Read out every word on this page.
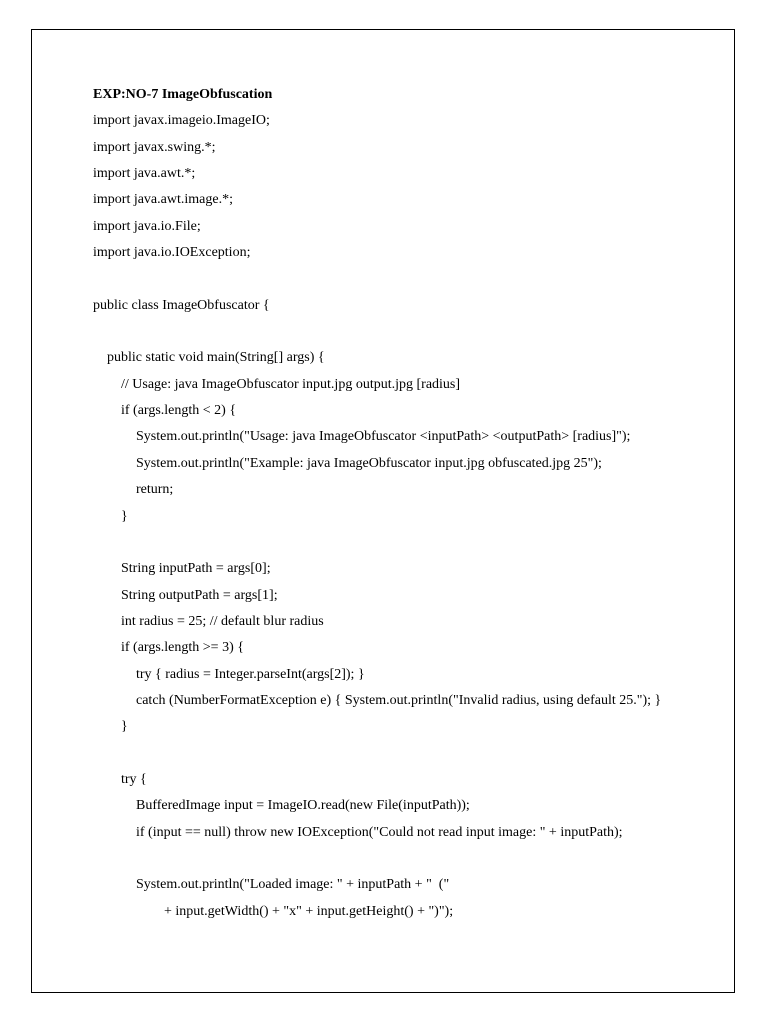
EXP:NO-7 ImageObfuscation
import javax.imageio.ImageIO;
import javax.swing.*;
import java.awt.*;
import java.awt.image.*;
import java.io.File;
import java.io.IOException;
public class ImageObfuscator {
public static void main(String[] args) {
// Usage: java ImageObfuscator input.jpg output.jpg [radius]
if (args.length < 2) {
System.out.println("Usage: java ImageObfuscator <inputPath> <outputPath> [radius]");
System.out.println("Example: java ImageObfuscator input.jpg obfuscated.jpg 25");
return;
}
String inputPath = args[0];
String outputPath = args[1];
int radius = 25; // default blur radius
if (args.length >= 3) {
try { radius = Integer.parseInt(args[2]); }
catch (NumberFormatException e) { System.out.println("Invalid radius, using default 25."); }
}
try {
BufferedImage input = ImageIO.read(new File(inputPath));
if (input == null) throw new IOException("Could not read input image: " + inputPath);
System.out.println("Loaded image: " + inputPath + "  ("
+ input.getWidth() + "x" + input.getHeight() + ")");
